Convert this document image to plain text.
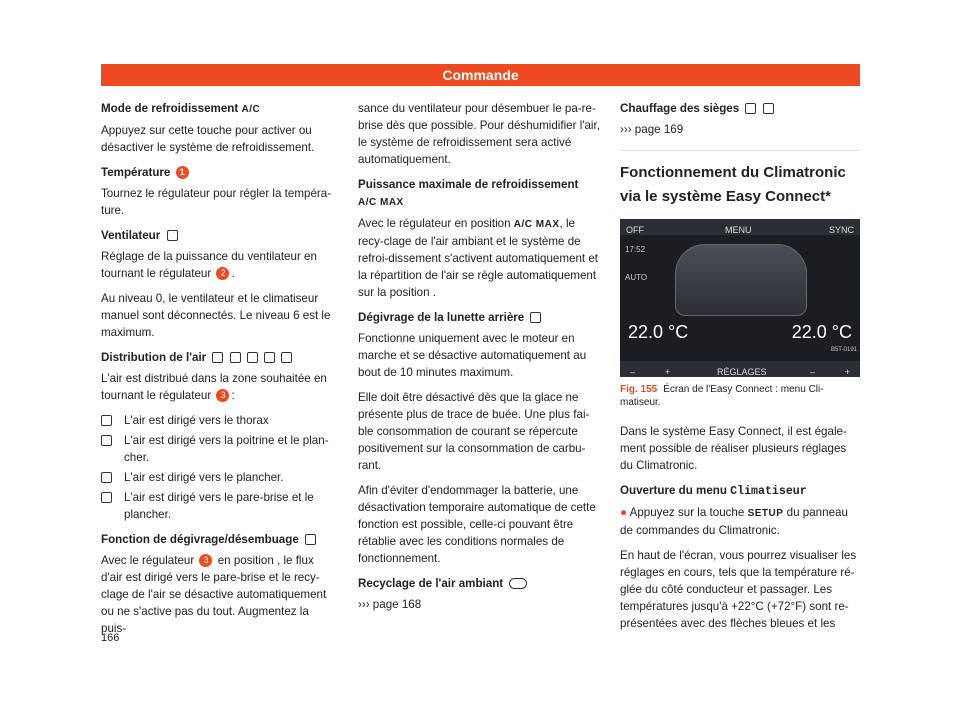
Commande
Mode de refroidissement A/C

Appuyez sur cette touche pour activer ou désactiver le système de refroidissement.

Température 1

Tournez le régulateur pour régler la tempéra-ture.

Ventilateur

Réglage de la puissance du ventilateur en tournant le régulateur 2 .

Au niveau 0, le ventilateur et le climatiseur manuel sont déconnectés. Le niveau 6 est le maximum.

Distribution de l'air

L'air est distribué dans la zone souhaitée en tournant le régulateur 3 :

L'air est dirigé vers le thorax
L'air est dirigé vers la poitrine et le plan-cher.
L'air est dirigé vers le plancher.
L'air est dirigé vers le pare-brise et le plancher.
Fonction de dégivrage/désembuage

Avec le régulateur 3 en position , le flux d'air est dirigé vers le pare-brise et le recy-clage de l'air se désactive automatiquement ou ne s'active pas du tout. Augmentez la puis-

sance du ventilateur pour désembuer le pa-re-brise dès que possible. Pour déshumidifier l'air, le système de refroidissement sera activé automatiquement.

Puissance maximale de refroidissement
A/C MAX

Avec le régulateur en position A/C MAX, le recy-clage de l'air ambiant et le système de refroi-dissement s'activent automatiquement et la répartition de l'air se règle automatiquement sur la position .

Dégivrage de la lunette arrière

Fonctionne uniquement avec le moteur en marche et se désactive automatiquement au bout de 10 minutes maximum.

Elle doit être désactivé dès que la glace ne présente plus de trace de buée. Une plus fai-ble consommation de courant se répercute positivement sur la consommation de carbu-rant.

Afin d'éviter d'endommager la batterie, une désactivation temporaire automatique de cette fonction est possible, celle-ci pouvant être rétablie avec les conditions normales de fonctionnement.

Recyclage de l'air ambiant

››› page 168

Chauffage des sièges

››› page 169

Fonctionnement du Climatronic via le système Easy Connect*
OFF	MENU	SYNC
17:52
AUTO
22.0 °C	22.0 °C
–	+	RÉGLAGES	–	+
B5T-0191

Fig. 155 Écran de l'Easy Connect : menu Cli-matiseur.

Dans le système Easy Connect, il est égale-ment possible de réaliser plusieurs réglages du Climatronic.

Ouverture du menu Climatiseur

● Appuyez sur la touche SETUP du panneau de commandes du Climatronic.

En haut de l'écran, vous pourrez visualiser les réglages en cours, tels que la température ré-glée du côté conducteur et passager. Les températures jusqu'à +22°C (+72°F) sont re-présentées avec des flèches bleues et les

166
